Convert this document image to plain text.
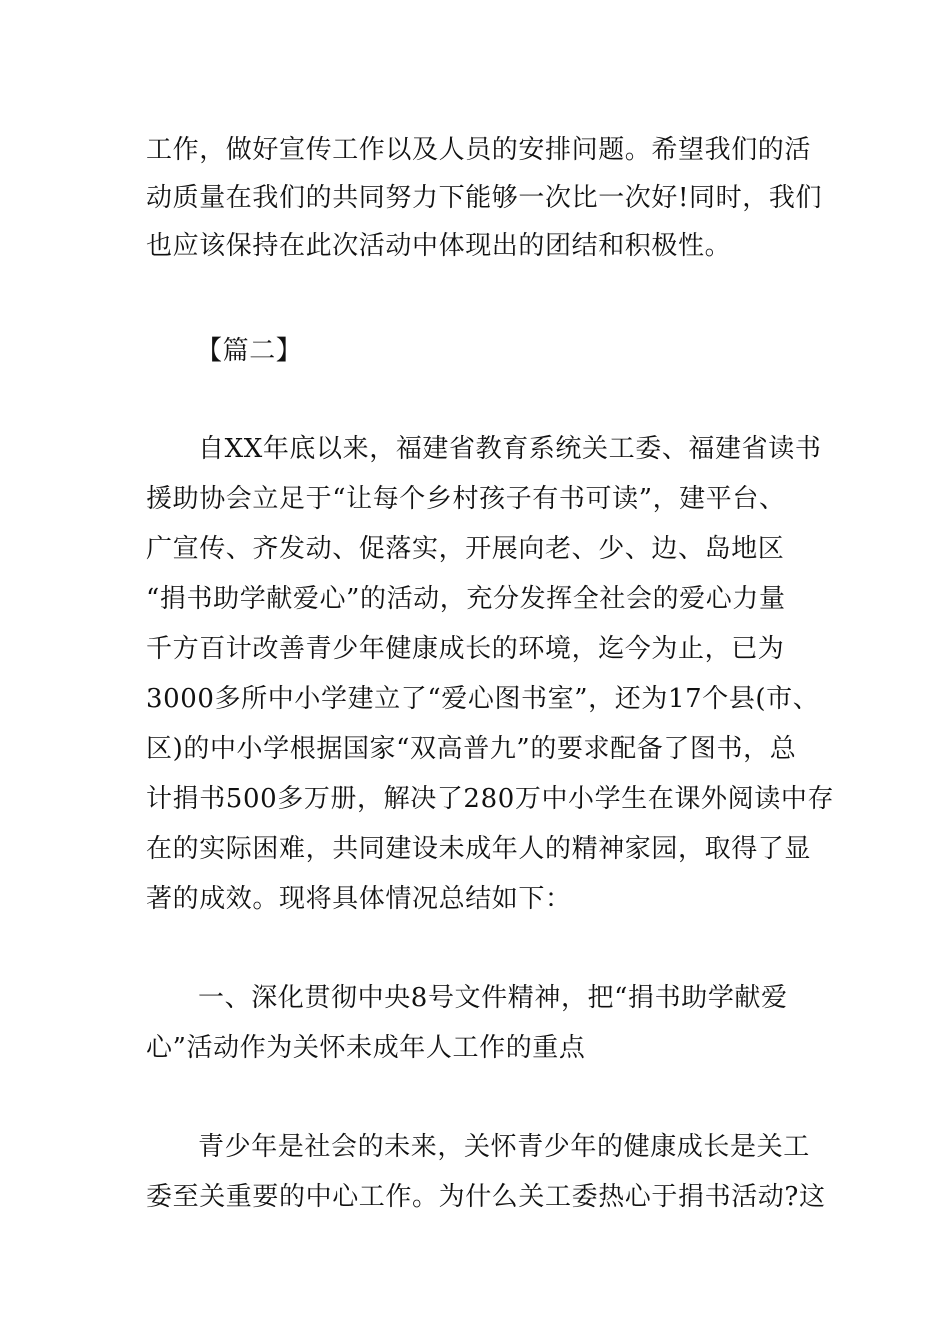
工作，做好宣传工作以及人员的安排问题。希望我们的活
动质量在我们的共同努力下能够一次比一次好!同时，我们
也应该保持在此次活动中体现出的团结和积极性。
【篇二】
自XX年底以来，福建省教育系统关工委、福建省读书
援助协会立足于“让每个乡村孩子有书可读”，建平台、
广宣传、齐发动、促落实，开展向老、少、边、岛地区
“捐书助学献爱心”的活动，充分发挥全社会的爱心力量
千方百计改善青少年健康成长的环境，迄今为止，已为
3000多所中小学建立了“爱心图书室”，还为17个县(市、
区)的中小学根据国家“双高普九”的要求配备了图书，总
计捐书500多万册，解决了280万中小学生在课外阅读中存
在的实际困难，共同建设未成年人的精神家园，取得了显
著的成效。现将具体情况总结如下：
一、深化贯彻中央8号文件精神，把“捐书助学献爱
心”活动作为关怀未成年人工作的重点
青少年是社会的未来，关怀青少年的健康成长是关工
委至关重要的中心工作。为什么关工委热心于捐书活动?这
